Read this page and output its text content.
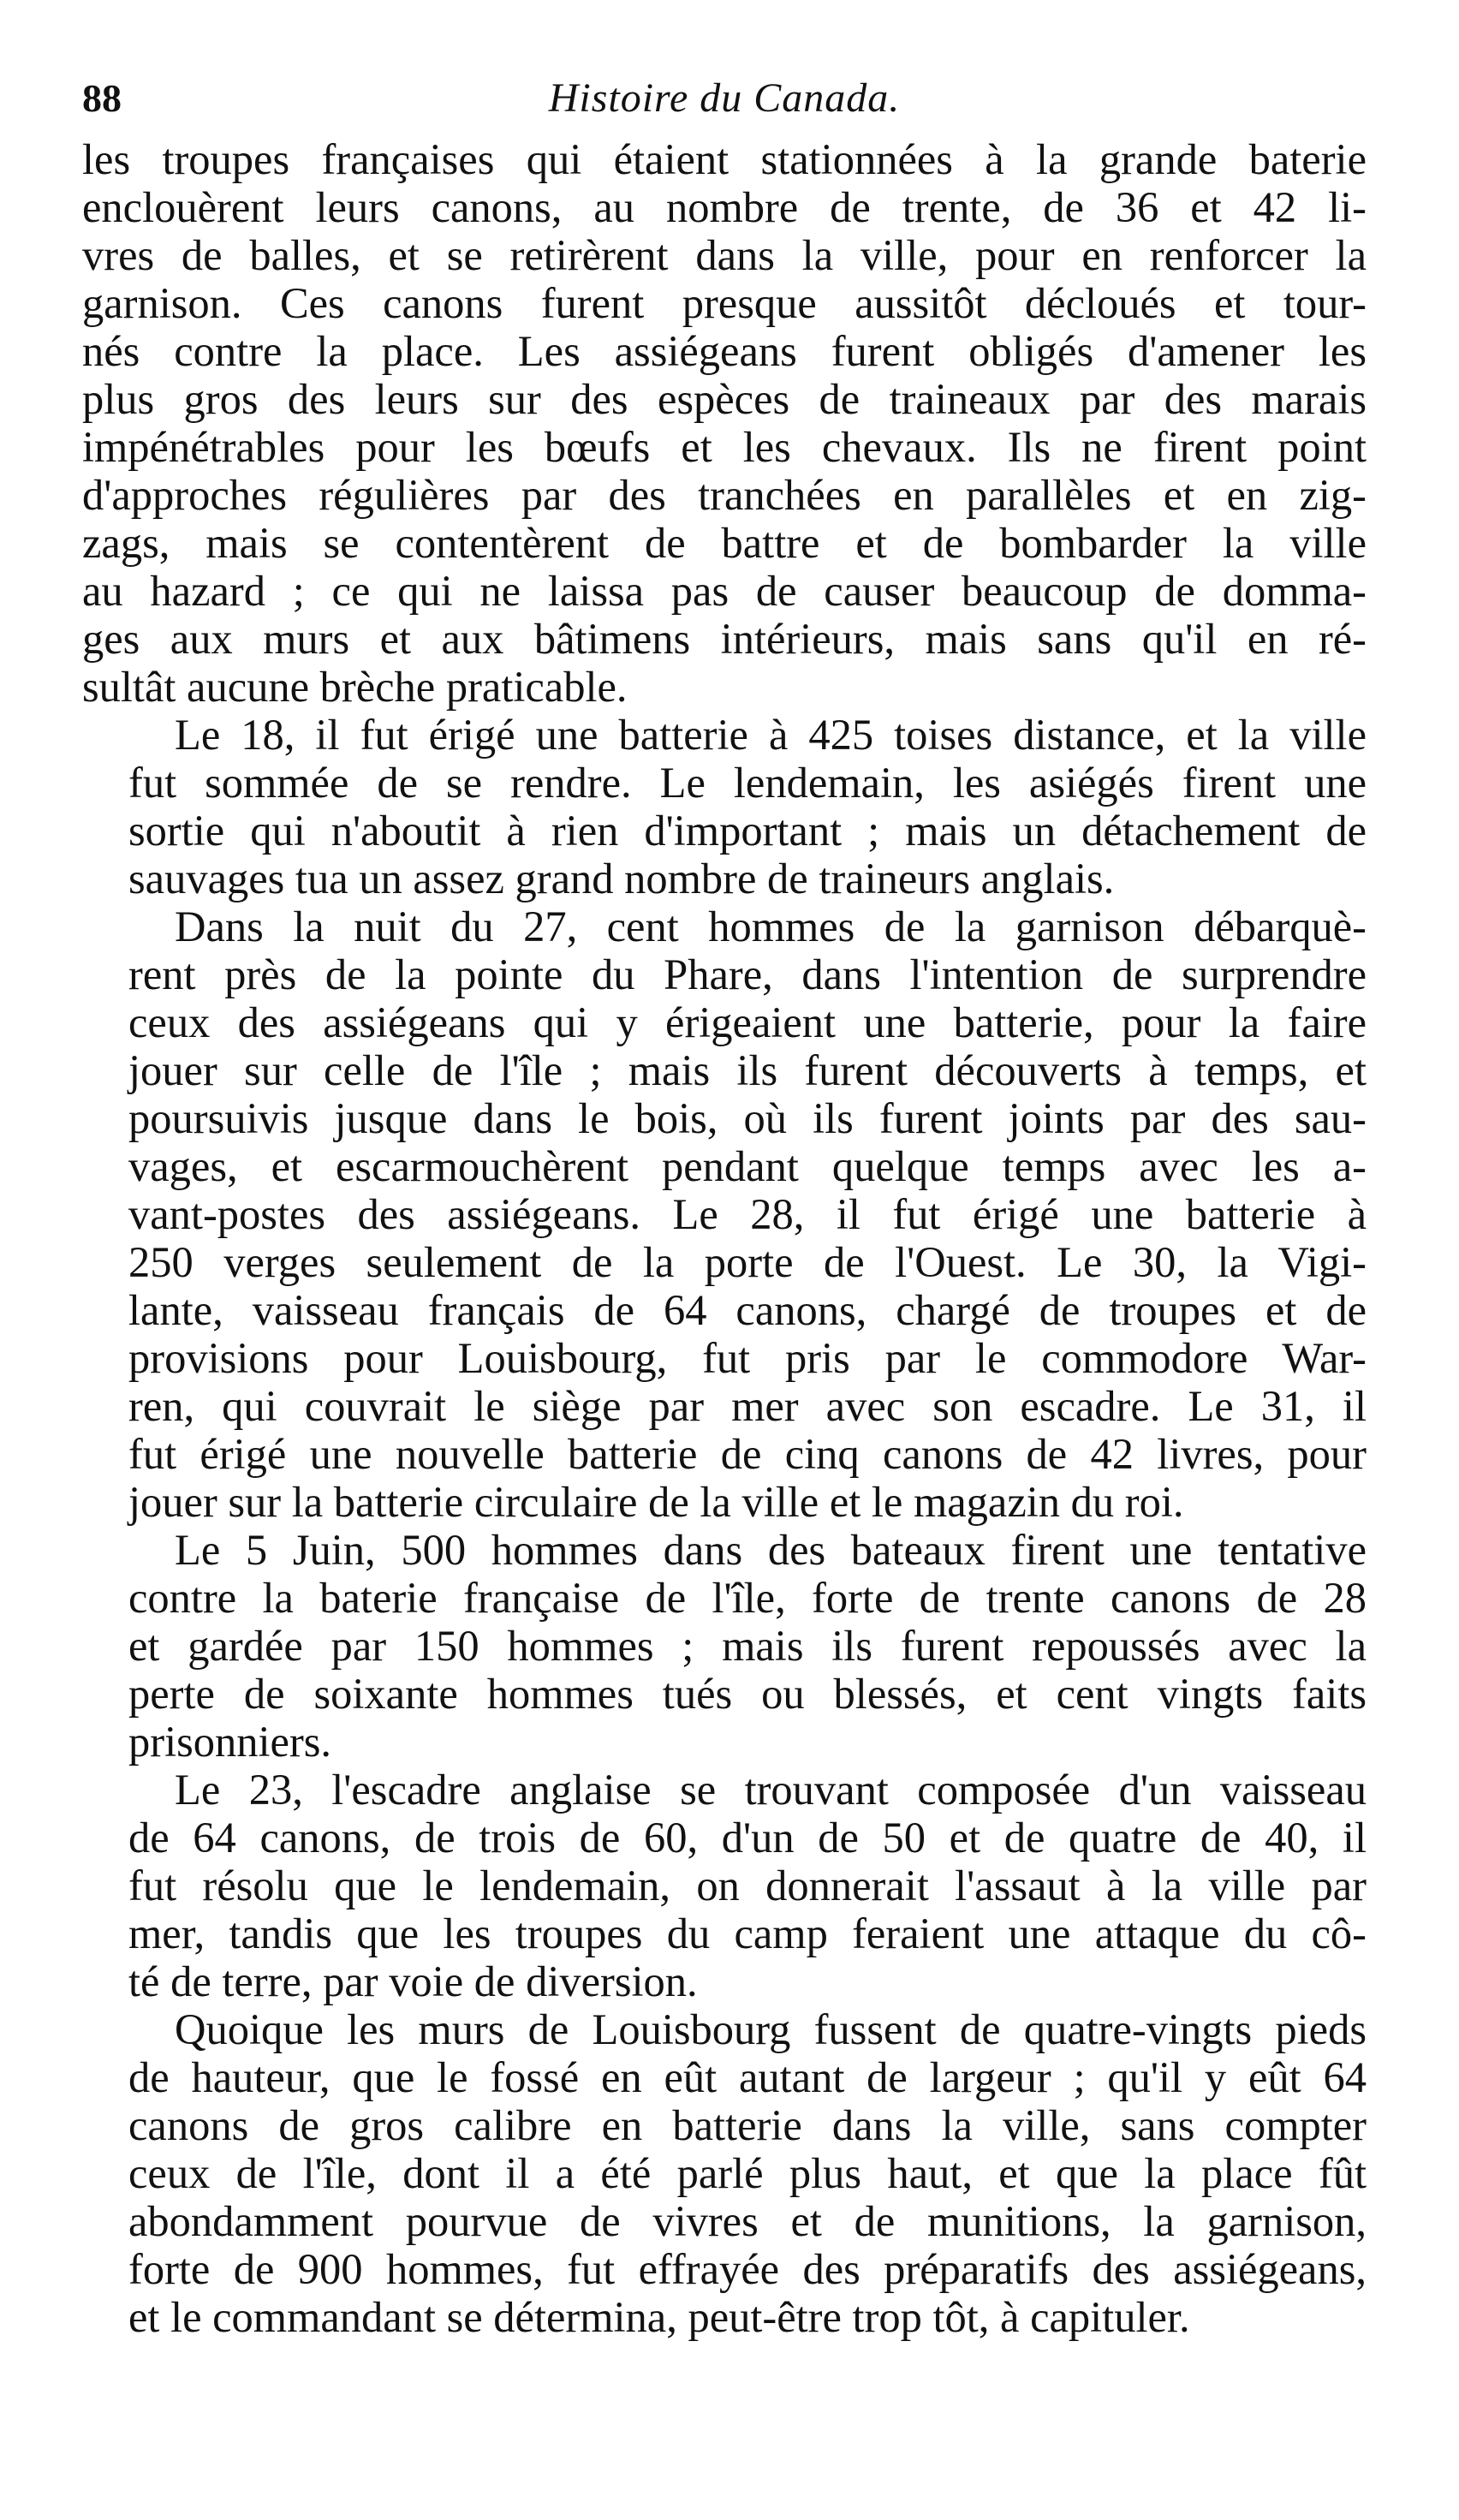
88	Histoire du Canada.

les troupes françaises qui étaient stationnées à la grande baterie
enclouèrent leurs canons, au nombre de trente, de 36 et 42 li-
vres de balles, et se retirèrent dans la ville, pour en renforcer la
garnison. Ces canons furent presque aussitôt décloués et tour-
nés contre la place. Les assiégeans furent obligés d'amener les
plus gros des leurs sur des espèces de traineaux par des marais
impénétrables pour les bœufs et les chevaux. Ils ne firent point
d'approches régulières par des tranchées en parallèles et en zig-
zags, mais se contentèrent de battre et de bombarder la ville
au hazard ; ce qui ne laissa pas de causer beaucoup de dommа-
ges aux murs et aux bâtimens intérieurs, mais sans qu'il en ré-
sultât aucune brèche praticable.

Le 18, il fut érigé une batterie à 425 toises distance, et la ville
fut sommée de se rendre. Le lendemain, les asiégés firent une
sortie qui n'aboutit à rien d'important ; mais un détachement de
sauvages tua un assez grand nombre de traineurs anglais.

Dans la nuit du 27, cent hommes de la garnison débarquè-
rent près de la pointe du Phare, dans l'intention de surprendre
ceux des assiégeans qui y érigeaient une batterie, pour la faire
jouer sur celle de l'île ; mais ils furent découverts à temps, et
poursuivis jusque dans le bois, où ils furent joints par des sau-
vages, et escarmouchèrent pendant quelque temps avec les a-
vant-postes des assiégeans. Le 28, il fut érigé une batterie à
250 verges seulement de la porte de l'Ouest. Le 30, la Vigi-
lante, vaisseau français de 64 canons, chargé de troupes et de
provisions pour Louisbourg, fut pris par le commodore War-
ren, qui couvrait le siège par mer avec son escadre. Le 31, il
fut érigé une nouvelle batterie de cinq canons de 42 livres, pour
jouer sur la batterie circulaire de la ville et le magazin du roi.

Le 5 Juin, 500 hommes dans des bateaux firent une tentative
contre la baterie française de l'île, forte de trente canons de 28
et gardée par 150 hommes ; mais ils furent repoussés avec la
perte de soixante hommes tués ou blessés, et cent vingts faits
prisonniers.

Le 23, l'escadre anglaise se trouvant composée d'un vaisseau
de 64 canons, de trois de 60, d'un de 50 et de quatre de 40, il
fut résolu que le lendemain, on donnerait l'assaut à la ville par
mer, tandis que les troupes du camp feraient une attaque du cô-
té de terre, par voie de diversion.

Quoique les murs de Louisbourg fussent de quatre-vingts pieds
de hauteur, que le fossé en eût autant de largeur ; qu'il y eût 64
canons de gros calibre en batterie dans la ville, sans compter
ceux de l'île, dont il a été parlé plus haut, et que la place fût
abondamment pourvue de vivres et de munitions, la garnison,
forte de 900 hommes, fut effrayée des préparatifs des assiégeans,
et le commandant se détermina, peut-être trop tôt, à capituler.
